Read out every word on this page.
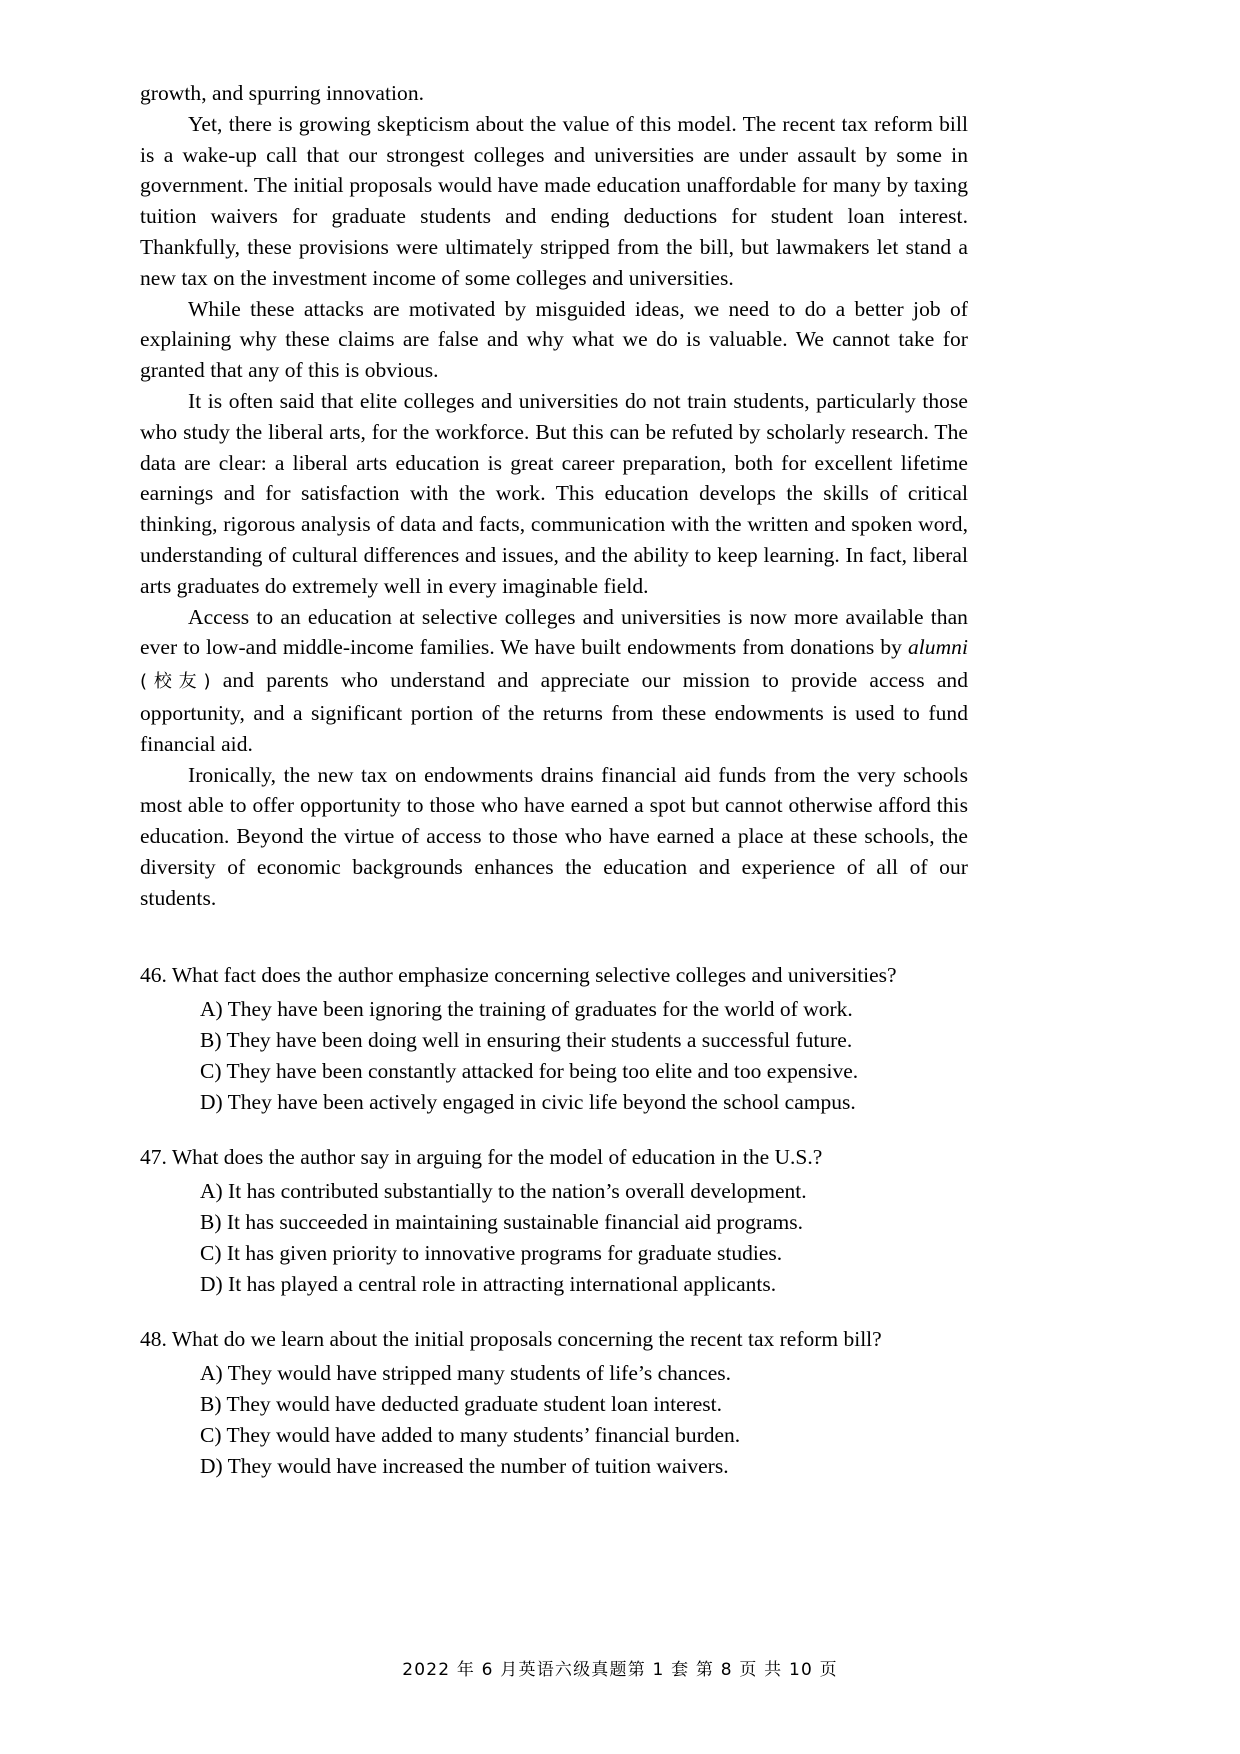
growth, and spurring innovation.

Yet, there is growing skepticism about the value of this model. The recent tax reform bill is a wake-up call that our strongest colleges and universities are under assault by some in government. The initial proposals would have made education unaffordable for many by taxing tuition waivers for graduate students and ending deductions for student loan interest. Thankfully, these provisions were ultimately stripped from the bill, but lawmakers let stand a new tax on the investment income of some colleges and universities.

While these attacks are motivated by misguided ideas, we need to do a better job of explaining why these claims are false and why what we do is valuable. We cannot take for granted that any of this is obvious.

It is often said that elite colleges and universities do not train students, particularly those who study the liberal arts, for the workforce. But this can be refuted by scholarly research. The data are clear: a liberal arts education is great career preparation, both for excellent lifetime earnings and for satisfaction with the work. This education develops the skills of critical thinking, rigorous analysis of data and facts, communication with the written and spoken word, understanding of cultural differences and issues, and the ability to keep learning. In fact, liberal arts graduates do extremely well in every imaginable field.

Access to an education at selective colleges and universities is now more available than ever to low-and middle-income families. We have built endowments from donations by alumni (校友) and parents who understand and appreciate our mission to provide access and opportunity, and a significant portion of the returns from these endowments is used to fund financial aid.

Ironically, the new tax on endowments drains financial aid funds from the very schools most able to offer opportunity to those who have earned a spot but cannot otherwise afford this education. Beyond the virtue of access to those who have earned a place at these schools, the diversity of economic backgrounds enhances the education and experience of all of our students.

46. What fact does the author emphasize concerning selective colleges and universities?

A) They have been ignoring the training of graduates for the world of work.

B) They have been doing well in ensuring their students a successful future.

C) They have been constantly attacked for being too elite and too expensive.

D) They have been actively engaged in civic life beyond the school campus.

47. What does the author say in arguing for the model of education in the U.S.?

A) It has contributed substantially to the nation’s overall development.

B) It has succeeded in maintaining sustainable financial aid programs.

C) It has given priority to innovative programs for graduate studies.

D) It has played a central role in attracting international applicants.

48. What do we learn about the initial proposals concerning the recent tax reform bill?

A) They would have stripped many students of life’s chances.

B) They would have deducted graduate student loan interest.

C) They would have added to many students’ financial burden.

D) They would have increased the number of tuition waivers.

2022 年 6 月英语六级真题第 1 套 第 8 页 共 10 页
